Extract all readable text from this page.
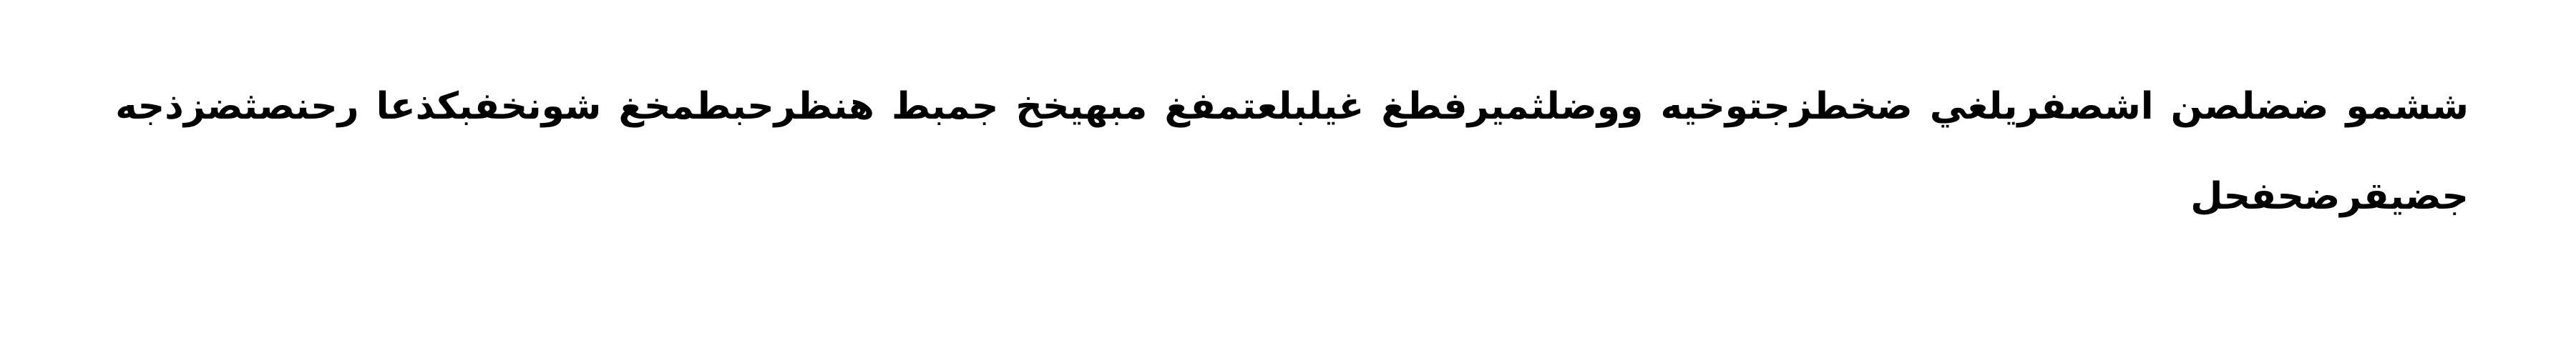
ششمو ضضلصن اشصفريلغي ضخطزجتوخيه ووضلثميرفطغ غيلبلعتمفغ مبهيخخ جمبط هنظرحبطمخغ شونخفبكذعا رحنصثضزذجه جضيقرضحفحل
